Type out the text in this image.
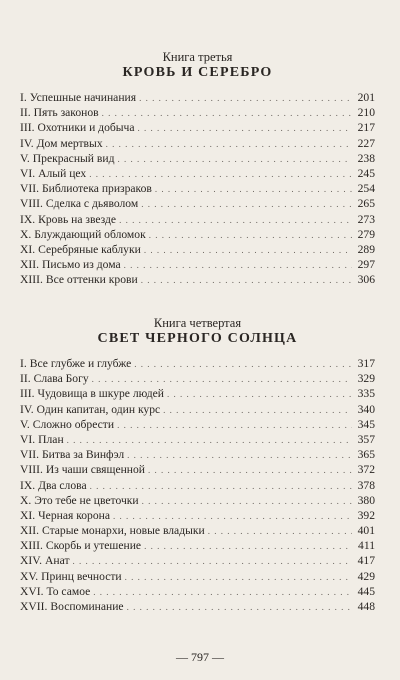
Книга третья

КРОВЬ И СЕРЕБРО
I. Успешные начинания . . .	201
II. Пять законов . . .	210
III. Охотники и добыча . . .	217
IV. Дом мертвых . . .	227
V. Прекрасный вид . . .	238
VI. Алый цех . . .	245
VII. Библиотека призраков . . .	254
VIII. Сделка с дьяволом . . .	265
IX. Кровь на звезде . . .	273
X. Блуждающий обломок . . .	279
XI. Серебряные каблуки . . .	289
XII. Письмо из дома . . .	297
XIII. Все оттенки крови . . .	306

Книга четвертая

СВЕТ ЧЕРНОГО СОЛНЦА
I. Все глубже и глубже . . .	317
II. Слава Богу . . .	329
III. Чудовища в шкуре людей . . .	335
IV. Один капитан, один курс . . .	340
V. Сложно обрести . . .	345
VI. План . . .	357
VII. Битва за Винфэл . . .	365
VIII. Из чаши священной . . .	372
IX. Два слова . . .	378
X. Это тебе не цветочки . . .	380
XI. Черная корона . . .	392
XII. Старые монархи, новые владыки . . .	401
XIII. Скорбь и утешение . . .	411
XIV. Анат . . .	417
XV. Принц вечности . . .	429
XVI. То самое . . .	445
XVII. Воспоминание . . .	448
— 797 —
